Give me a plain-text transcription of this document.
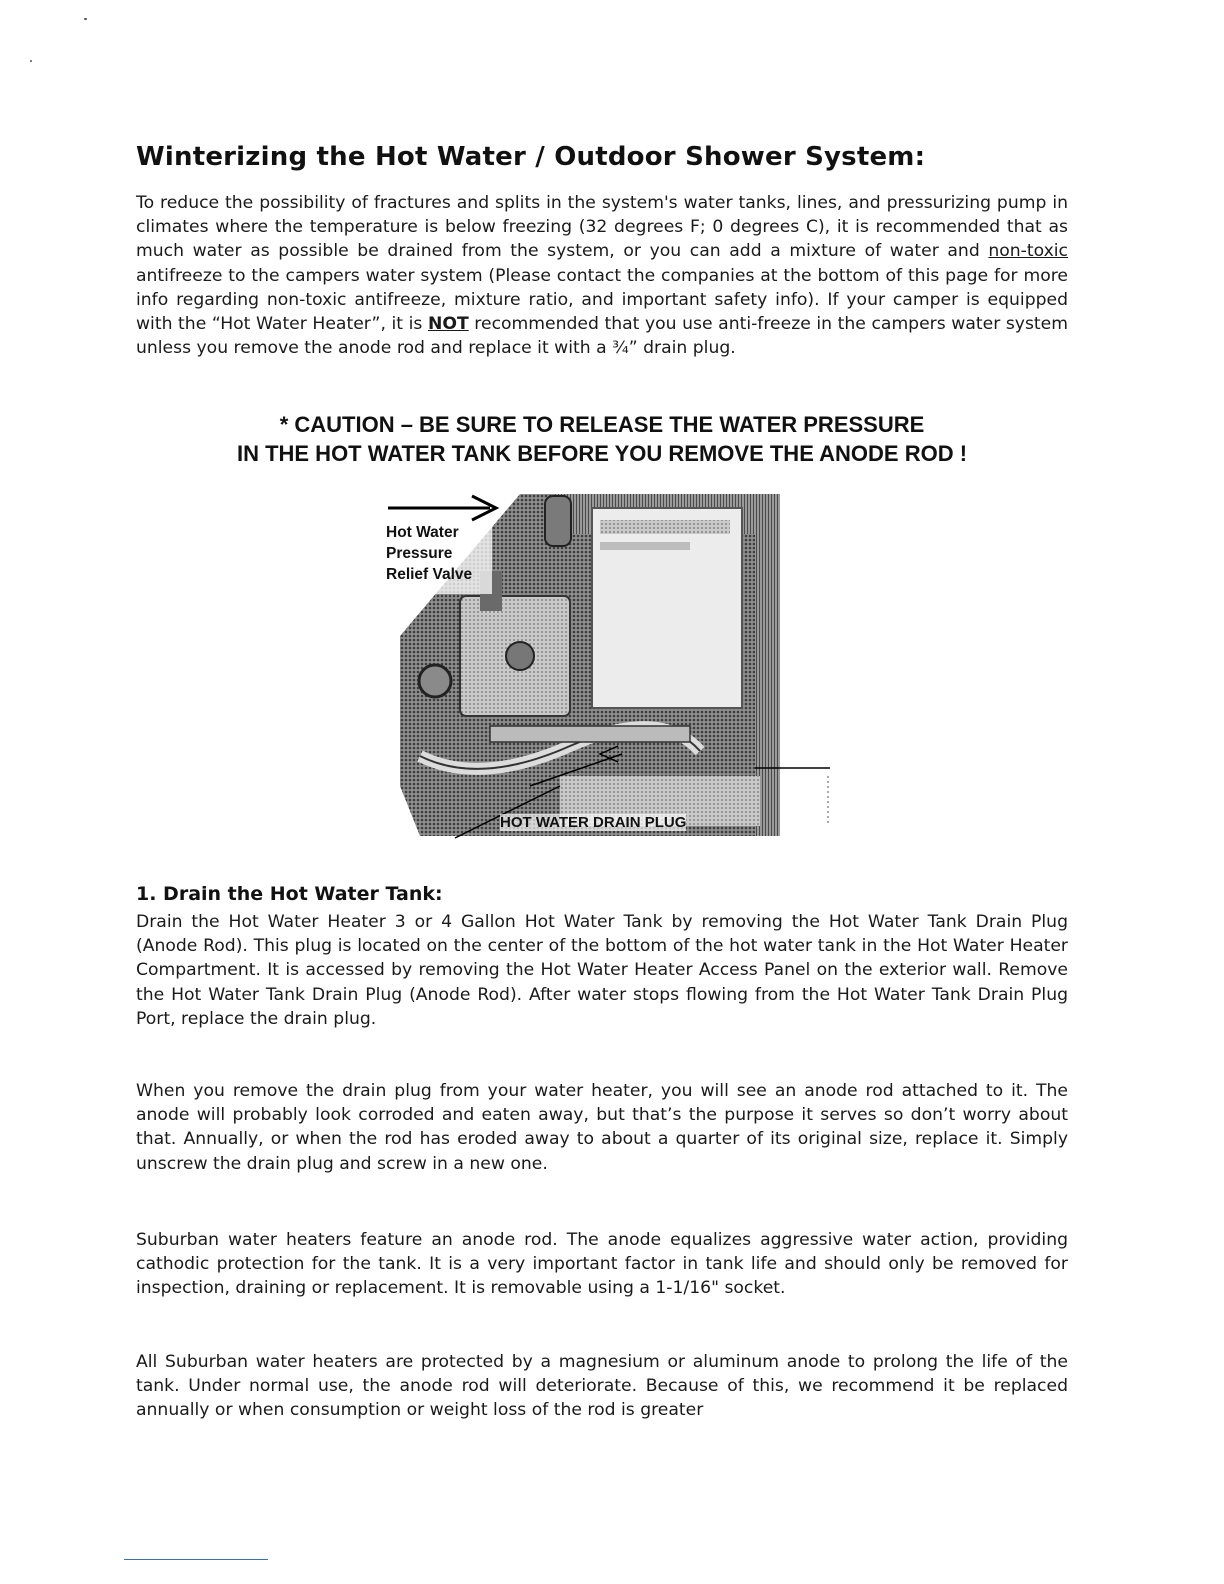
Winterizing the Hot Water / Outdoor Shower System:

To reduce the possibility of fractures and splits in the system's water tanks, lines, and pressurizing pump in climates where the temperature is below freezing (32 degrees F; 0 degrees C), it is recommended that as much water as possible be drained from the system, or you can add a mixture of water and non-toxic antifreeze to the campers water system (Please contact the companies at the bottom of this page for more info regarding non-toxic antifreeze, mixture ratio, and important safety info). If your camper is equipped with the “Hot Water Heater”, it is NOT recommended that you use anti-freeze in the campers water system unless you remove the anode rod and replace it with a ¾” drain plug.

* CAUTION – BE SURE TO RELEASE THE WATER PRESSURE
IN THE HOT WATER TANK BEFORE YOU REMOVE THE ANODE ROD !
Hot Water
Pressure
Relief Valve
HOT WATER DRAIN PLUG
1. Drain the Hot Water Tank:

Drain the Hot Water Heater 3 or 4 Gallon Hot Water Tank by removing the Hot Water Tank Drain Plug (Anode Rod). This plug is located on the center of the bottom of the hot water tank in the Hot Water Heater Compartment. It is accessed by removing the Hot Water Heater Access Panel on the exterior wall. Remove the Hot Water Tank Drain Plug (Anode Rod). After water stops flowing from the Hot Water Tank Drain Plug Port, replace the drain plug.

When you remove the drain plug from your water heater, you will see an anode rod attached to it. The anode will probably look corroded and eaten away, but that’s the purpose it serves so don’t worry about that. Annually, or when the rod has eroded away to about a quarter of its original size, replace it. Simply unscrew the drain plug and screw in a new one.

Suburban water heaters feature an anode rod. The anode equalizes aggressive water action, providing cathodic protection for the tank. It is a very important factor in tank life and should only be removed for inspection, draining or replacement. It is removable using a 1-1/16" socket.

All Suburban water heaters are protected by a magnesium or aluminum anode to prolong the life of the tank. Under normal use, the anode rod will deteriorate. Because of this, we recommend it be replaced annually or when consumption or weight loss of the rod is greater
